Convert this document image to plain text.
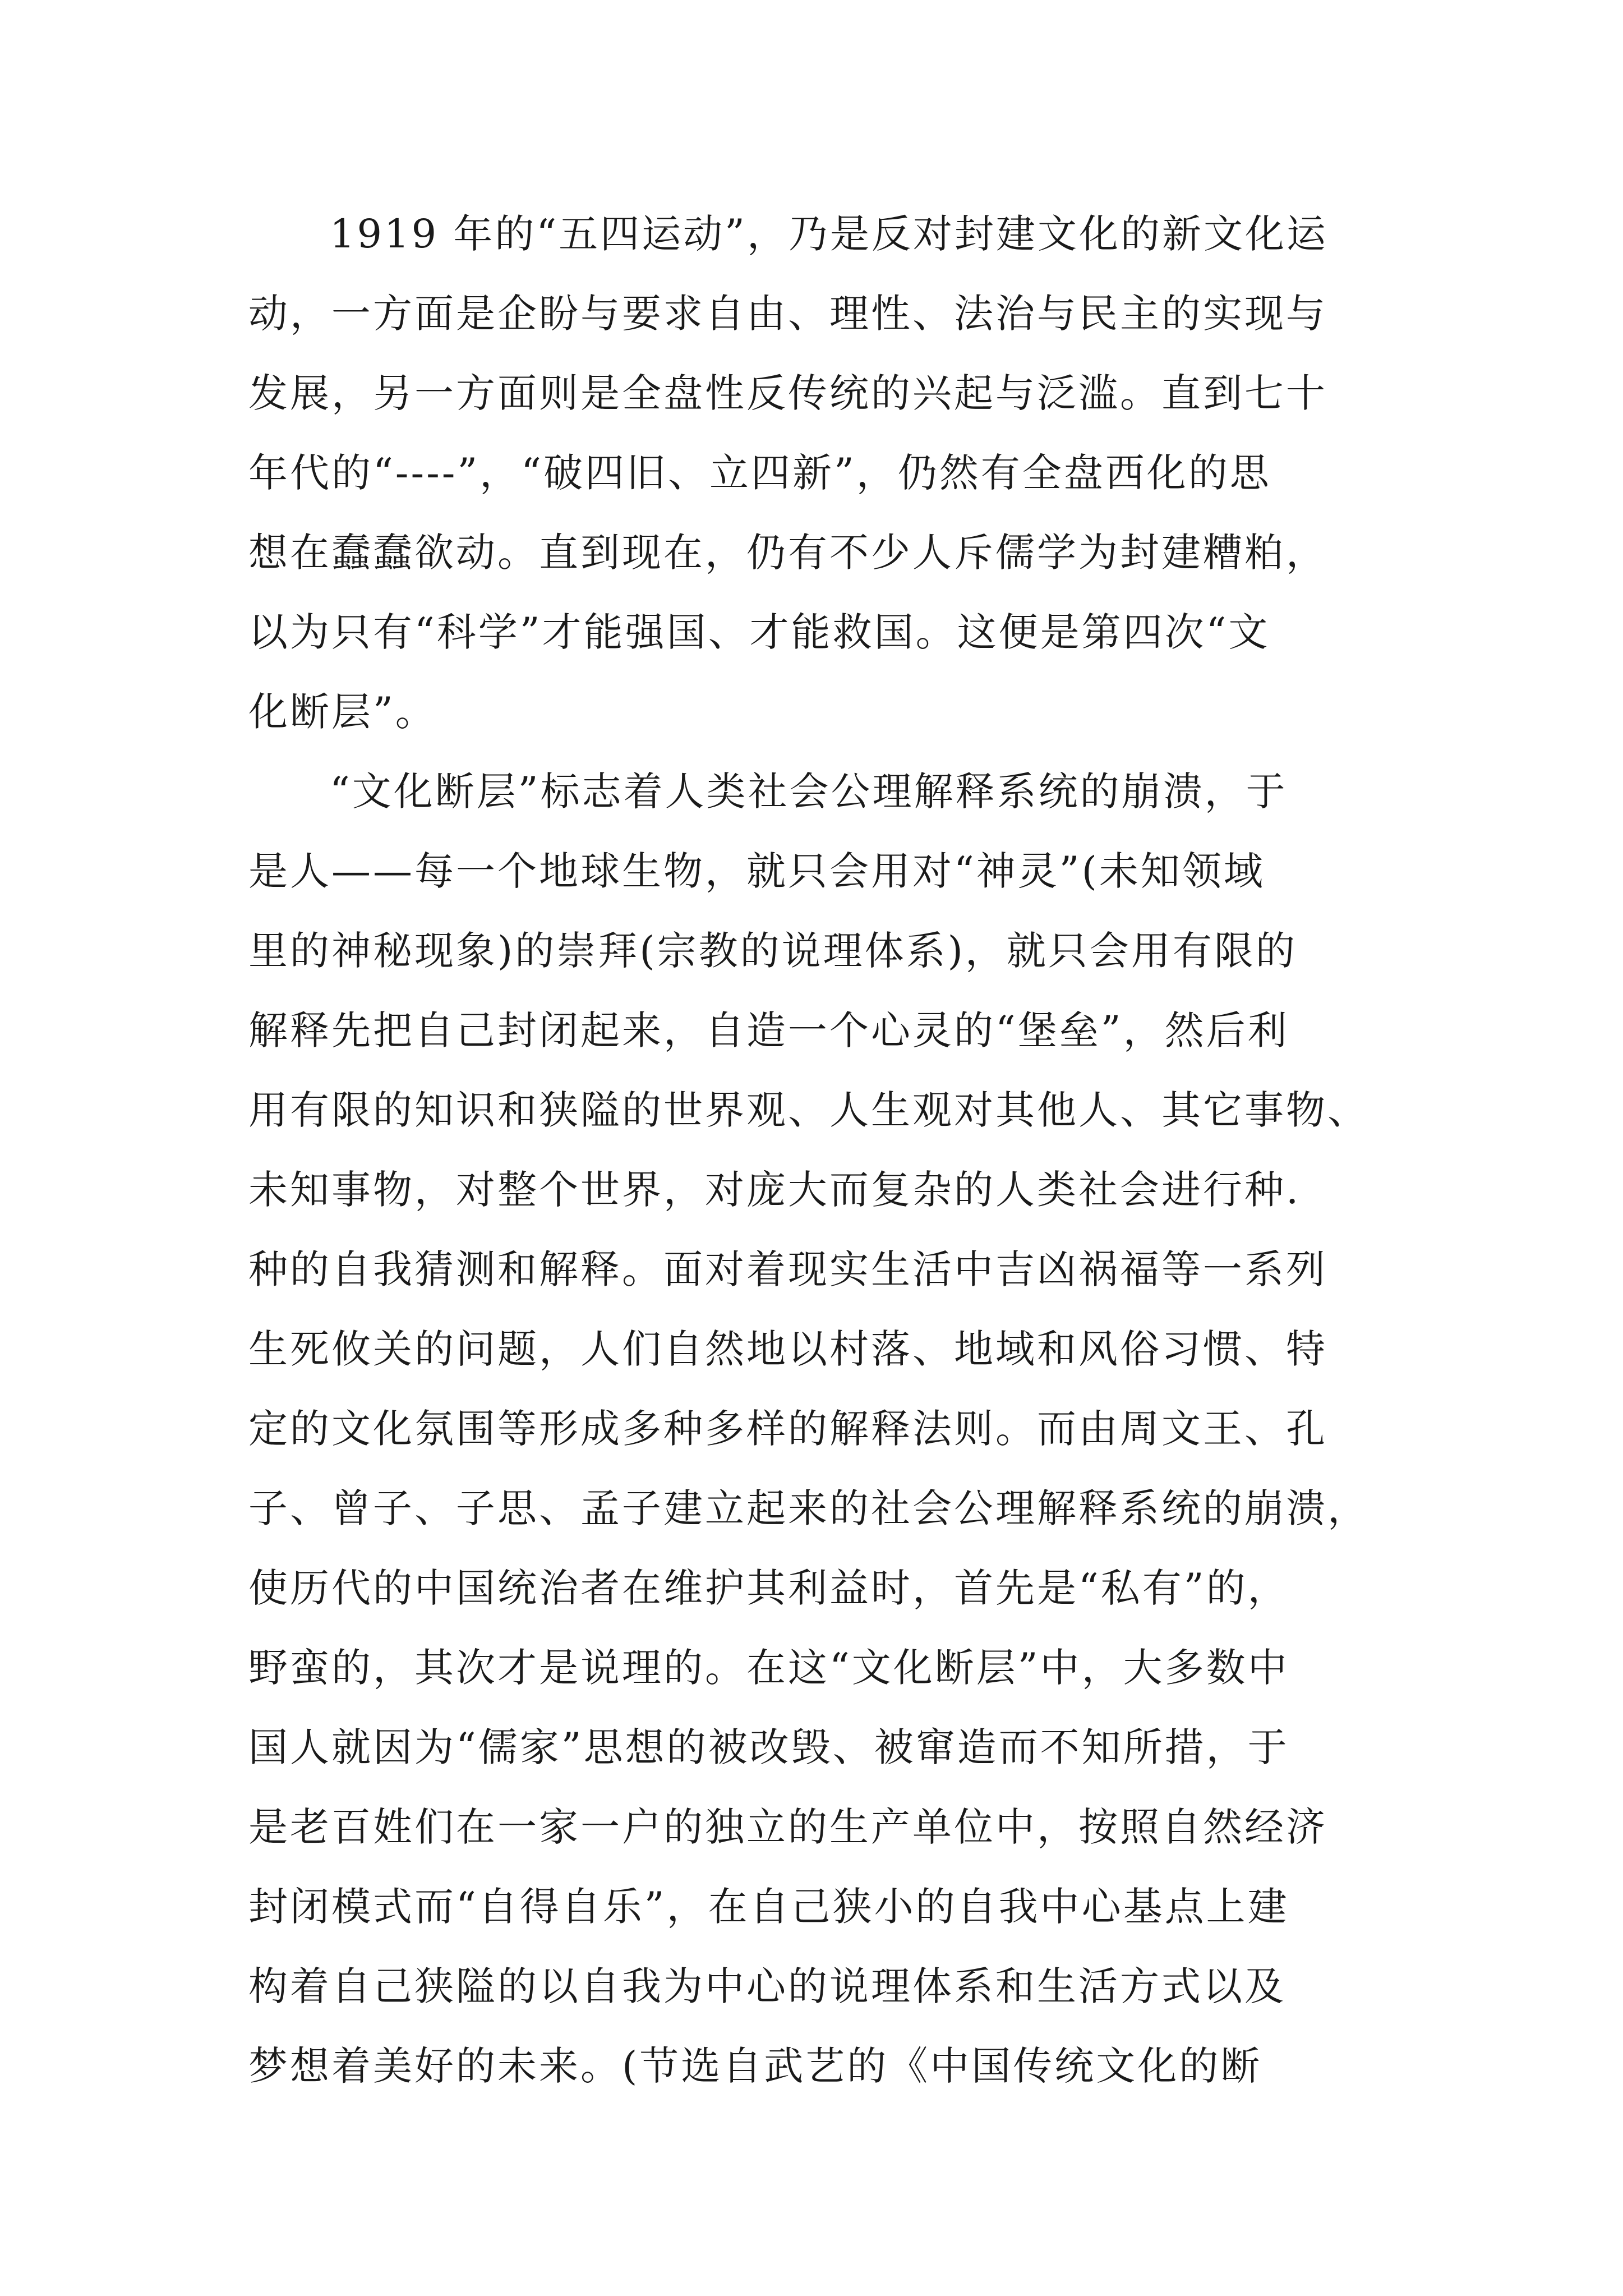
1919 年的“五四运动”，乃是反对封建文化的新文化运
动，一方面是企盼与要求自由、理性、法治与民主的实现与
发展，另一方面则是全盘性反传统的兴起与泛滥。直到七十
年代的“----”，“破四旧、立四新”，仍然有全盘西化的思
想在蠢蠢欲动。直到现在，仍有不少人斥儒学为封建糟粕，
以为只有“科学”才能强国、才能救国。这便是第四次“文
化断层”。
“文化断层”标志着人类社会公理解释系统的崩溃，于
是人——每一个地球生物，就只会用对“神灵”(未知领域
里的神秘现象)的崇拜(宗教的说理体系)，就只会用有限的
解释先把自己封闭起来，自造一个心灵的“堡垒”，然后利
用有限的知识和狭隘的世界观、人生观对其他人、其它事物、
未知事物，对整个世界，对庞大而复杂的人类社会进行种.
种的自我猜测和解释。面对着现实生活中吉凶祸福等一系列
生死攸关的问题，人们自然地以村落、地域和风俗习惯、特
定的文化氛围等形成多种多样的解释法则。而由周文王、孔
子、曾子、子思、孟子建立起来的社会公理解释系统的崩溃，
使历代的中国统治者在维护其利益时，首先是“私有”的，
野蛮的，其次才是说理的。在这“文化断层”中，大多数中
国人就因为“儒家”思想的被改毁、被窜造而不知所措，于
是老百姓们在一家一户的独立的生产单位中，按照自然经济
封闭模式而“自得自乐”，在自己狭小的自我中心基点上建
构着自己狭隘的以自我为中心的说理体系和生活方式以及
梦想着美好的未来。(节选自武艺的《中国传统文化的断
